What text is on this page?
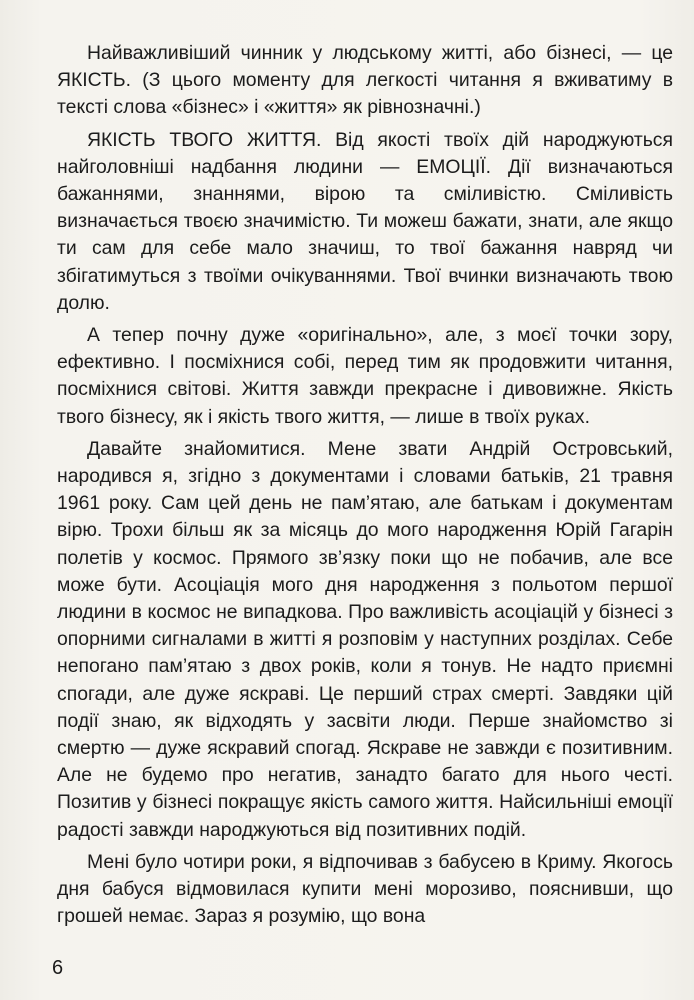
Найважливіший чинник у людському житті, або бізнесі, — це ЯКІСТЬ. (З цього моменту для легкості читання я вживатиму в тексті слова «бізнес» і «життя» як рівнозначні.)

ЯКІСТЬ ТВОГО ЖИТТЯ. Від якості твоїх дій народжуються найголовніші надбання людини — ЕМОЦІЇ. Дії визначаються бажаннями, знаннями, вірою та сміливістю. Сміливість визначається твоєю значимістю. Ти можеш бажати, знати, але якщо ти сам для себе мало значиш, то твої бажання навряд чи збігатимуться з твоїми очікуваннями. Твої вчинки визначають твою долю.

А тепер почну дуже «оригінально», але, з моєї точки зору, ефективно. І посміхнися собі, перед тим як продовжити читання, посміхнися світові. Життя завжди прекрасне і дивовижне. Якість твого бізнесу, як і якість твого життя, — лише в твоїх руках.

Давайте знайомитися. Мене звати Андрій Островський, народився я, згідно з документами і словами батьків, 21 травня 1961 року. Сам цей день не пам’ятаю, але батькам і документам вірю. Трохи більш як за місяць до мого народження Юрій Гагарін полетів у космос. Прямого зв’язку поки що не побачив, але все може бути. Асоціація мого дня народження з польотом першої людини в космос не випадкова. Про важливість асоціацій у бізнесі з опорними сигналами в житті я розповім у наступних розділах. Себе непогано пам’ятаю з двох років, коли я тонув. Не надто приємні спогади, але дуже яскраві. Це перший страх смерті. Завдяки цій події знаю, як відходять у засвіти люди. Перше знайомство зі смертю — дуже яскравий спогад. Яскраве не завжди є позитивним. Але не будемо про негатив, занадто багато для нього честі. Позитив у бізнесі покращує якість самого життя. Найсильніші емоції радості завжди народжуються від позитивних подій.

Мені було чотири роки, я відпочивав з бабусею в Криму. Якогось дня бабуся відмовилася купити мені морозиво, пояснивши, що грошей немає. Зараз я розумію, що вона

6
